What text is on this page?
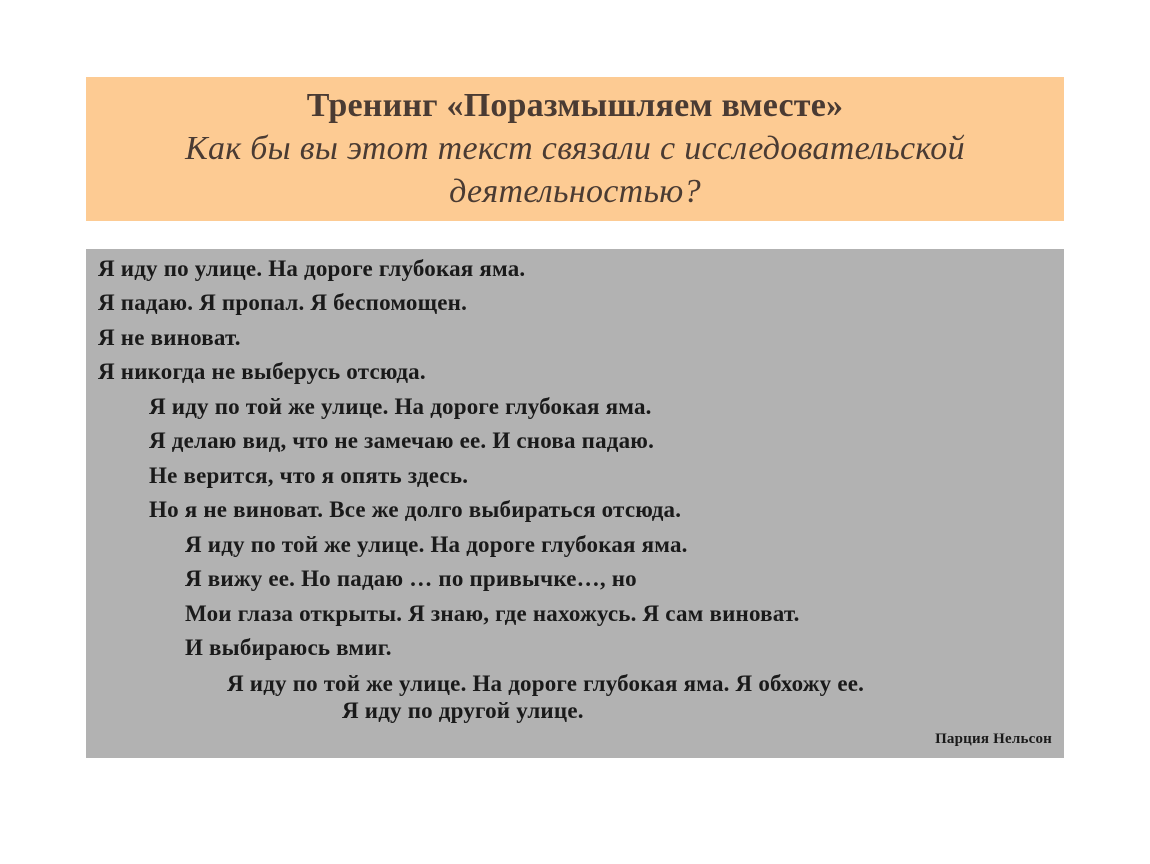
Тренинг «Поразмышляем вместе»
Как бы вы этот текст связали с исследовательской
деятельностью?
Я иду по улице. На дороге глубокая яма.
Я падаю. Я пропал. Я беспомощен.
Я не виноват.
Я никогда не выберусь отсюда.
Я иду по той же улице. На дороге глубокая яма.
Я делаю вид, что не замечаю ее. И снова падаю.
Не верится, что я опять здесь.
Но я не виноват. Все же долго выбираться отсюда.
Я иду по той же улице. На дороге глубокая яма.
Я вижу ее. Но падаю … по привычке…, но
Мои глаза открыты. Я знаю, где нахожусь. Я сам виноват.
И выбираюсь вмиг.
Я иду по той же улице. На дороге глубокая яма. Я обхожу ее.
Я иду по другой улице.
Парция Нельсон
